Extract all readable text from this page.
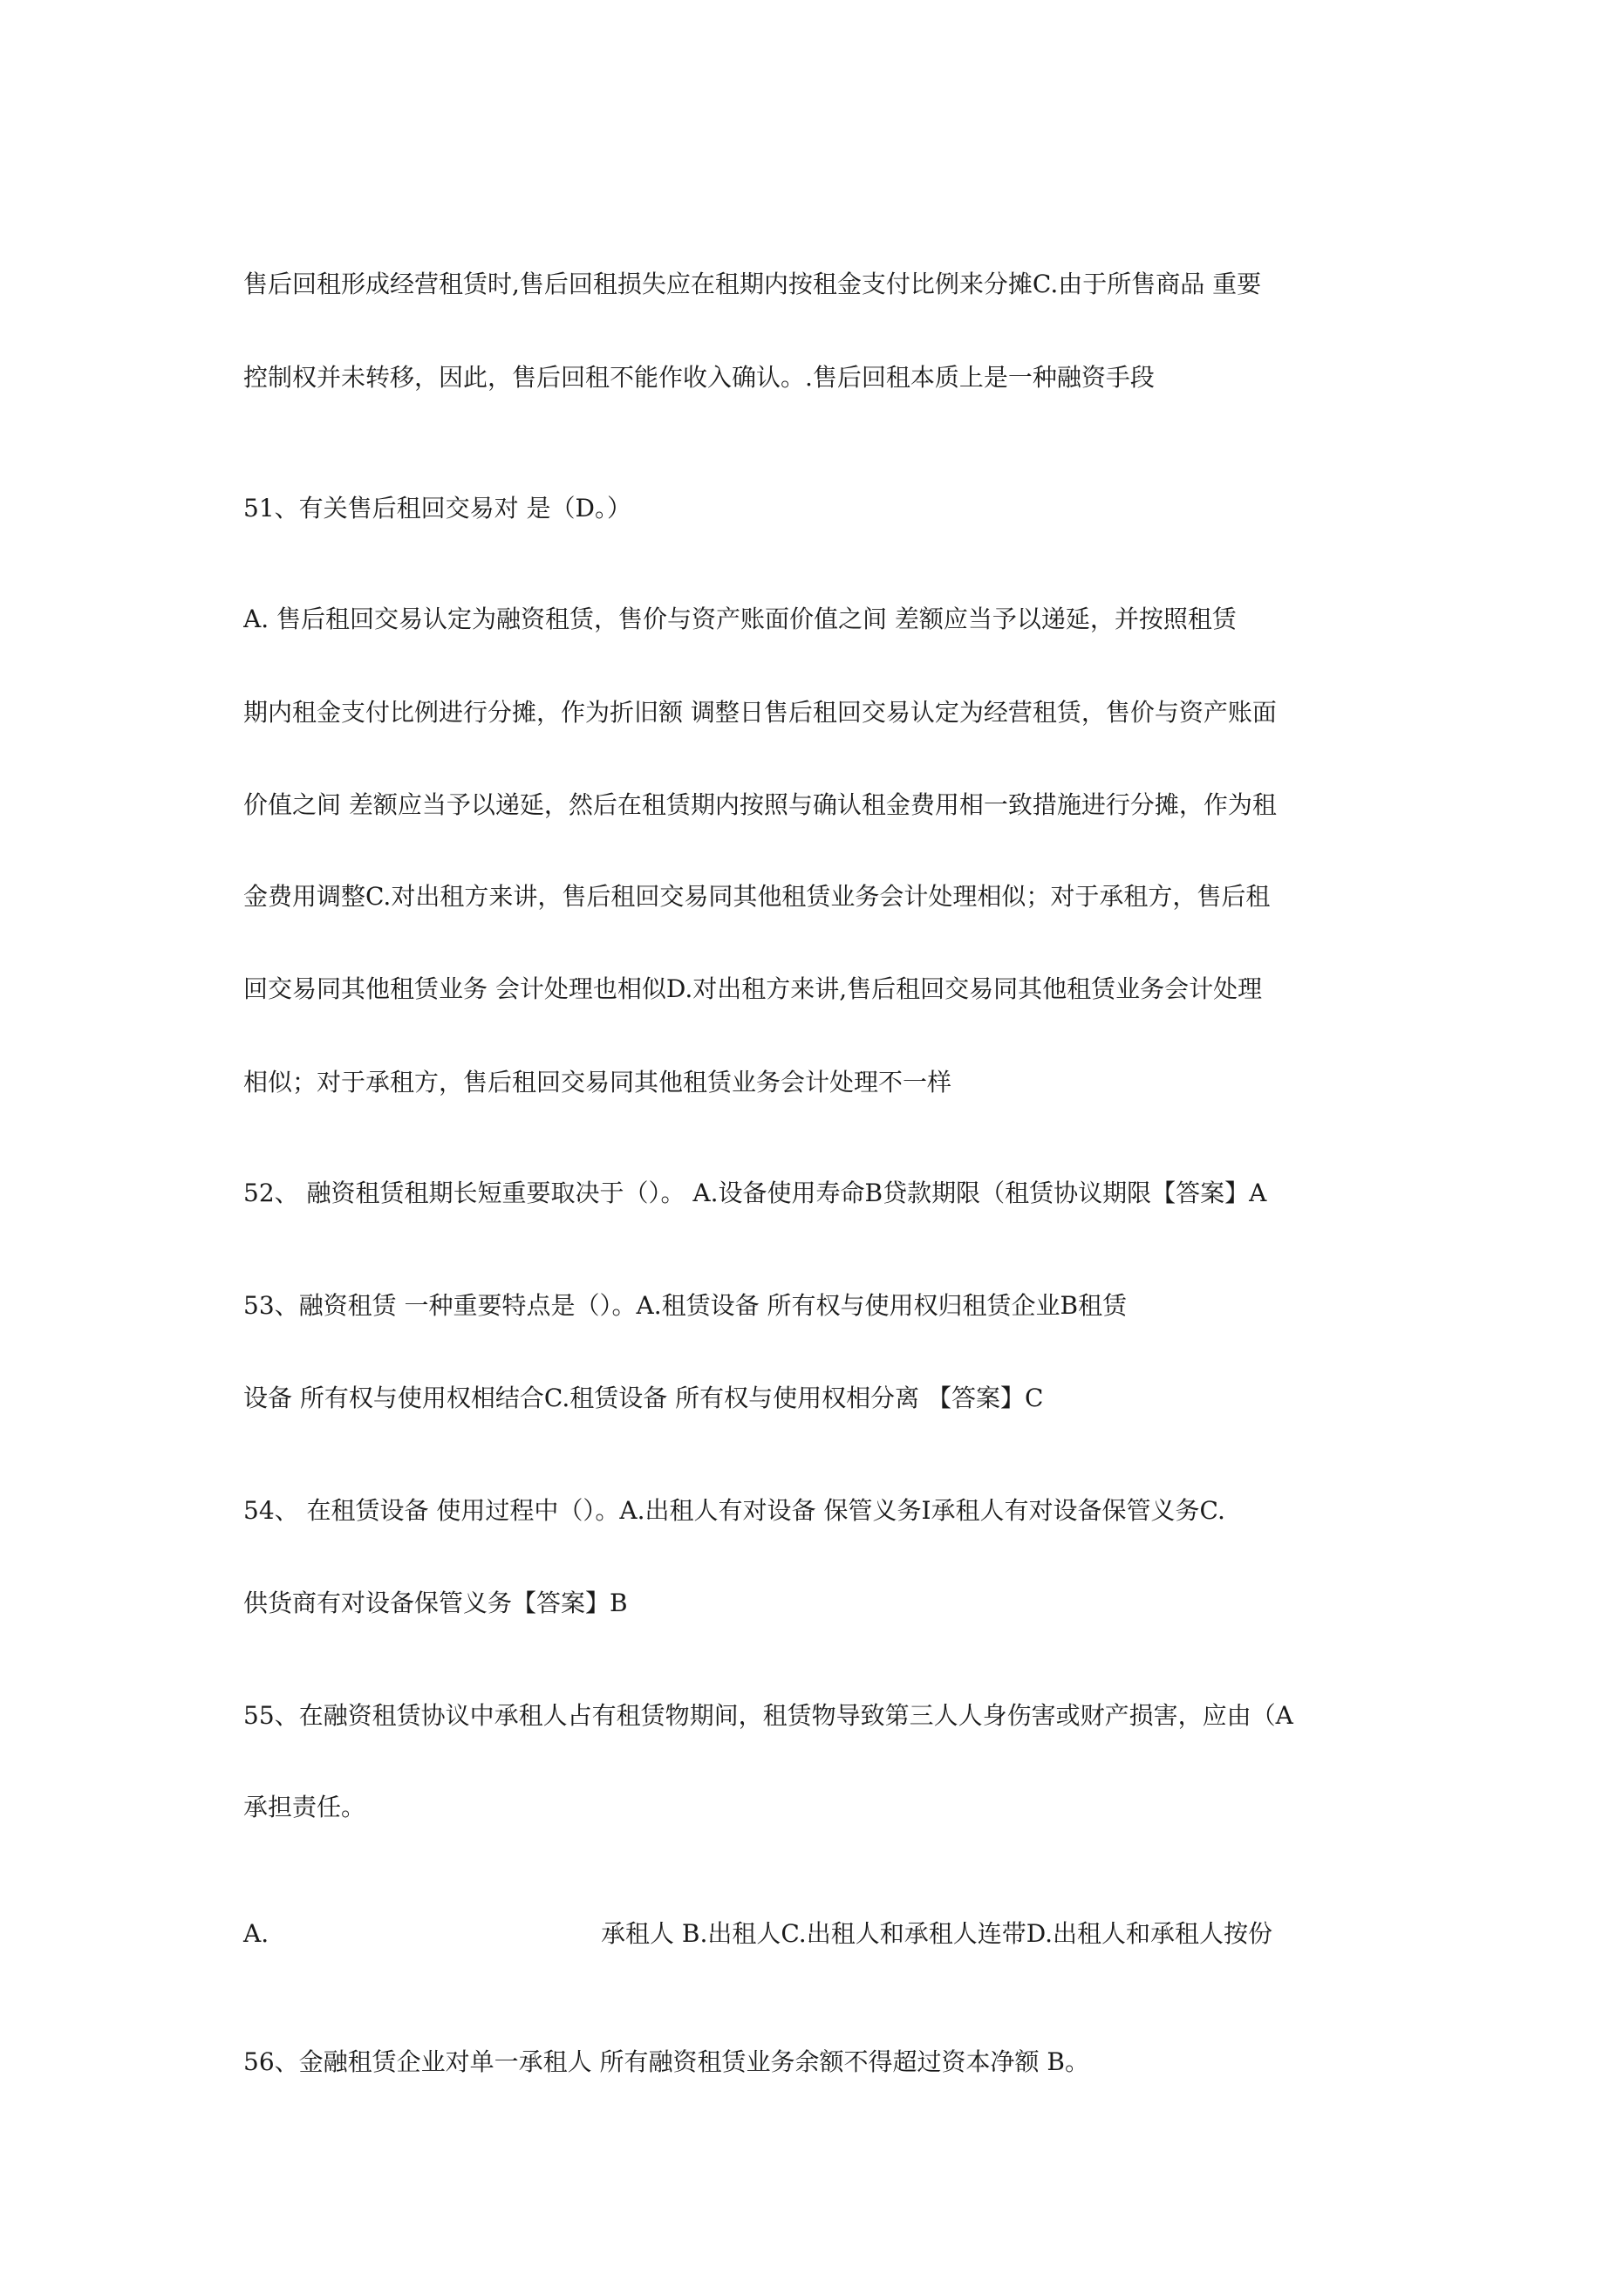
售后回租形成经营租赁时,售后回租损失应在租期内按租金支付比例来分摊C.由于所售商品 重要

控制权并未转移，因此，售后回租不能作收入确认。.售后回租本质上是一种融资手段

51、有关售后租回交易对 是（D。）

A. 售后租回交易认定为融资租赁，售价与资产账面价值之间 差额应当予以递延，并按照租赁

期内租金支付比例进行分摊，作为折旧额 调整日售后租回交易认定为经营租赁，售价与资产账面

价值之间 差额应当予以递延，然后在租赁期内按照与确认租金费用相一致措施进行分摊，作为租

金费用调整C.对出租方来讲，售后租回交易同其他租赁业务会计处理相似；对于承租方，售后租

回交易同其他租赁业务 会计处理也相似D.对出租方来讲,售后租回交易同其他租赁业务会计处理

相似；对于承租方，售后租回交易同其他租赁业务会计处理不一样

52、 融资租赁租期长短重要取决于（）。 A.设备使用寿命B贷款期限（租赁协议期限【答案】A

53、融资租赁 一种重要特点是（）。A.租赁设备 所有权与使用权归租赁企业B租赁

设备 所有权与使用权相结合C.租赁设备 所有权与使用权相分离 【答案】C

54、 在租赁设备 使用过程中（）。A.出租人有对设备 保管义务I承租人有对设备保管义务C.

供货商有对设备保管义务【答案】B

55、在融资租赁协议中承租人占有租赁物期间，租赁物导致第三人人身伤害或财产损害，应由（A

承担责任。

A.	承租人 B.出租人C.出租人和承租人连带D.出租人和承租人按份

56、金融租赁企业对单一承租人 所有融资租赁业务余额不得超过资本净额 B。
